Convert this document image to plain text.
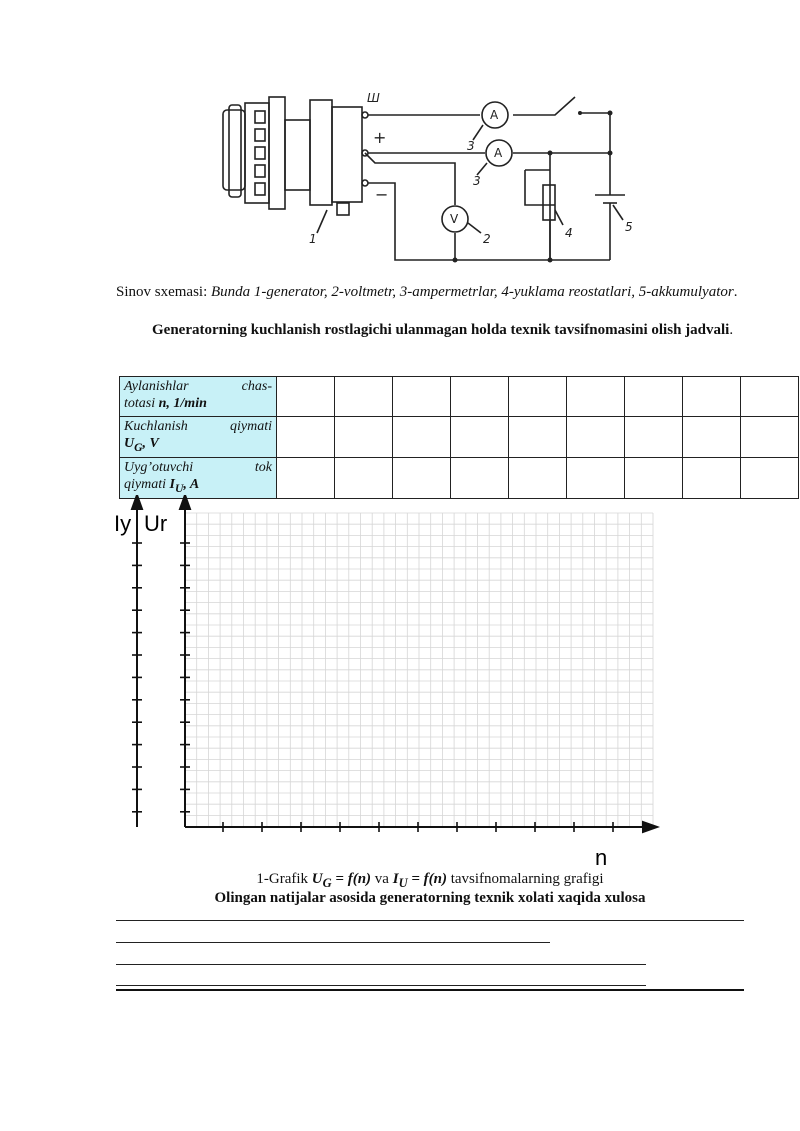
Ш
+
−
A
A
V
1	2
3
3
4	5
Sinov sxemasi: Bunda 1-generator, 2-voltmetr, 3-ampermetrlar, 4-yuklama reostatlari, 5-akkumulyator.
Generatorning kuchlanish rostlagichi ulanmagan holda texnik tavsifnomasini olish jadvali.
Aylanishlar chas-
totasi n, 1/min									

Kuchlanish qiymati
$U_G$, V									

Uyg’otuvchi tok
qiymati $I_U$, A									
Iy Ur
n
1-Grafik $U_G = f(n)$ va $I_U = f(n)$ tavsifnomalarning grafigi
Olingan natijalar asosida generatorning texnik xolati xaqida xulosa
